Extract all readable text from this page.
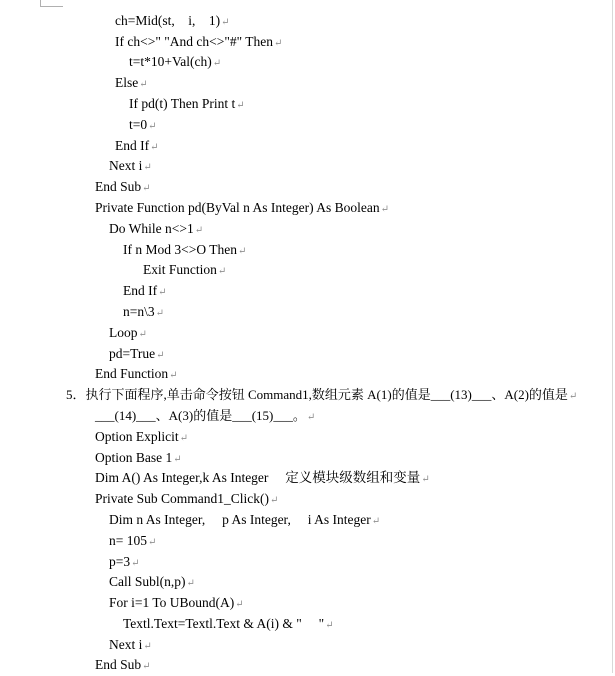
ch=Mid(st,    i,    1)↵
If ch<>" "And ch<>"#" Then↵
t=t*10+Val(ch)↵
Else↵
If pd(t) Then Print t↵
t=0↵
End If↵
Next i↵
End Sub↵
Private Function pd(ByVal n As Integer) As Boolean↵
Do While n<>1↵
If n Mod 3<>O Then↵
Exit Function↵
End If↵
n=n\3↵
Loop↵
pd=True↵
End Function↵
5．执行下面程序,单击命令按钮 Command1,数组元素 A(1)的值是___(13)___、A(2)的值是↵
___(14)___、A(3)的值是___(15)___。↵
Option Explicit↵
Option Base 1↵
Dim A() As Integer,k As Integer     定义模块级数组和变量↵
Private Sub Command1_Click()↵
Dim n As Integer,     p As Integer,     i As Integer↵
n= 105↵
p=3↵
Call Subl(n,p)↵
For i=1 To UBound(A)↵
Textl.Text=Textl.Text & A(i) & "     "↵
Next i↵
End Sub↵
